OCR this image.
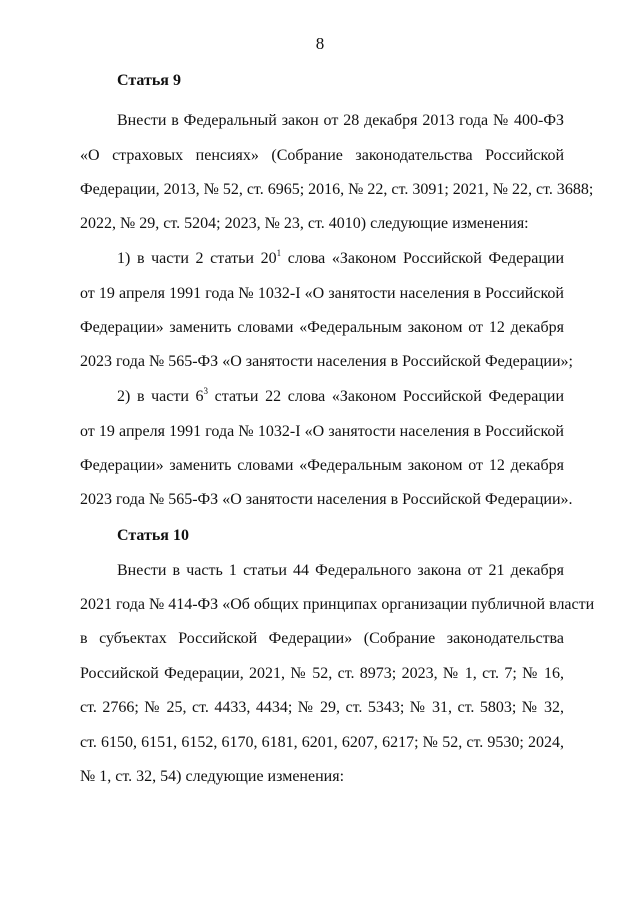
8
Статья 9
Внести в Федеральный закон от 28 декабря 2013 года № 400-ФЗ
«О страховых пенсиях» (Собрание законодательства Российской
Федерации, 2013, № 52, ст. 6965; 2016, № 22, ст. 3091; 2021, № 22, ст. 3688;
2022, № 29, ст. 5204; 2023, № 23, ст. 4010) следующие изменения:
1) в части 2 статьи $20^1$ слова «Законом Российской Федерации
от 19 апреля 1991 года № 1032-I «О занятости населения в Российской
Федерации» заменить словами «Федеральным законом от 12 декабря
2023 года № 565-ФЗ «О занятости населения в Российской Федерации»;
2) в части $6^3$ статьи 22 слова «Законом Российской Федерации
от 19 апреля 1991 года № 1032-I «О занятости населения в Российской
Федерации» заменить словами «Федеральным законом от 12 декабря
2023 года № 565-ФЗ «О занятости населения в Российской Федерации».
Статья 10
Внести в часть 1 статьи 44 Федерального закона от 21 декабря
2021 года № 414-ФЗ «Об общих принципах организации публичной власти
в субъектах Российской Федерации» (Собрание законодательства
Российской Федерации, 2021, № 52, ст. 8973; 2023, № 1, ст. 7; № 16,
ст. 2766; № 25, ст. 4433, 4434; № 29, ст. 5343; № 31, ст. 5803; № 32,
ст. 6150, 6151, 6152, 6170, 6181, 6201, 6207, 6217; № 52, ст. 9530; 2024,
№ 1, ст. 32, 54) следующие изменения:
